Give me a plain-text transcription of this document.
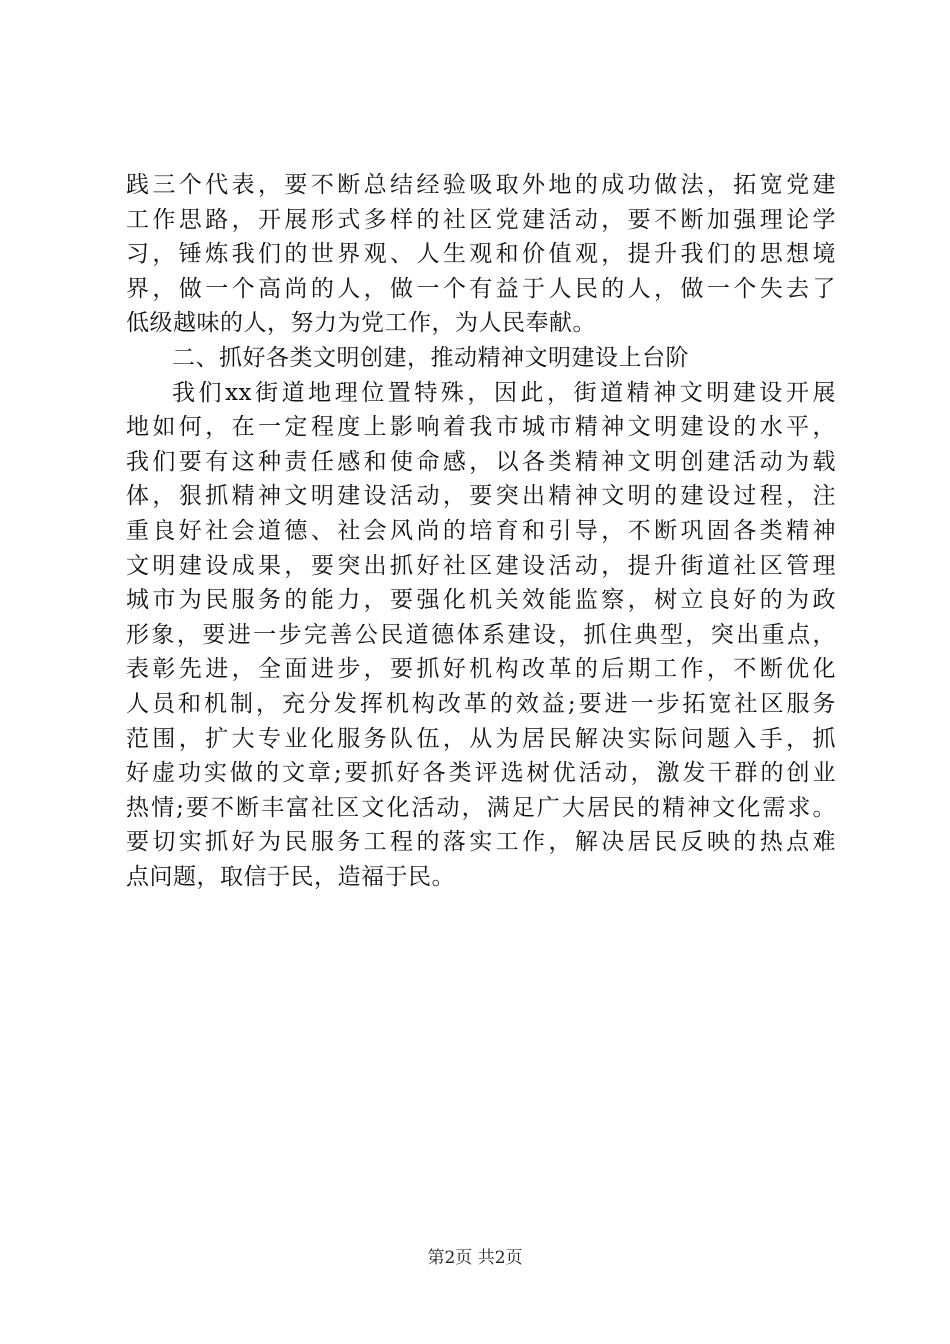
践三个代表，要不断总结经验吸取外地的成功做法，拓宽党建
工作思路，开展形式多样的社区党建活动，要不断加强理论学
习，锤炼我们的世界观、人生观和价值观，提升我们的思想境
界，做一个高尚的人，做一个有益于人民的人，做一个失去了
低级越味的人，努力为党工作，为人民奉献。
二、抓好各类文明创建，推动精神文明建设上台阶
我们xx街道地理位置特殊，因此，街道精神文明建设开展
地如何，在一定程度上影响着我市城市精神文明建设的水平，
我们要有这种责任感和使命感，以各类精神文明创建活动为载
体，狠抓精神文明建设活动，要突出精神文明的建设过程，注
重良好社会道德、社会风尚的培育和引导，不断巩固各类精神
文明建设成果，要突出抓好社区建设活动，提升街道社区管理
城市为民服务的能力，要强化机关效能监察，树立良好的为政
形象，要进一步完善公民道德体系建设，抓住典型，突出重点，
表彰先进，全面进步，要抓好机构改革的后期工作，不断优化
人员和机制，充分发挥机构改革的效益;要进一步拓宽社区服务
范围，扩大专业化服务队伍，从为居民解决实际问题入手，抓
好虚功实做的文章;要抓好各类评选树优活动，激发干群的创业
热情;要不断丰富社区文化活动，满足广大居民的精神文化需求。
要切实抓好为民服务工程的落实工作，解决居民反映的热点难
点问题，取信于民，造福于民。
第2页 共2页
